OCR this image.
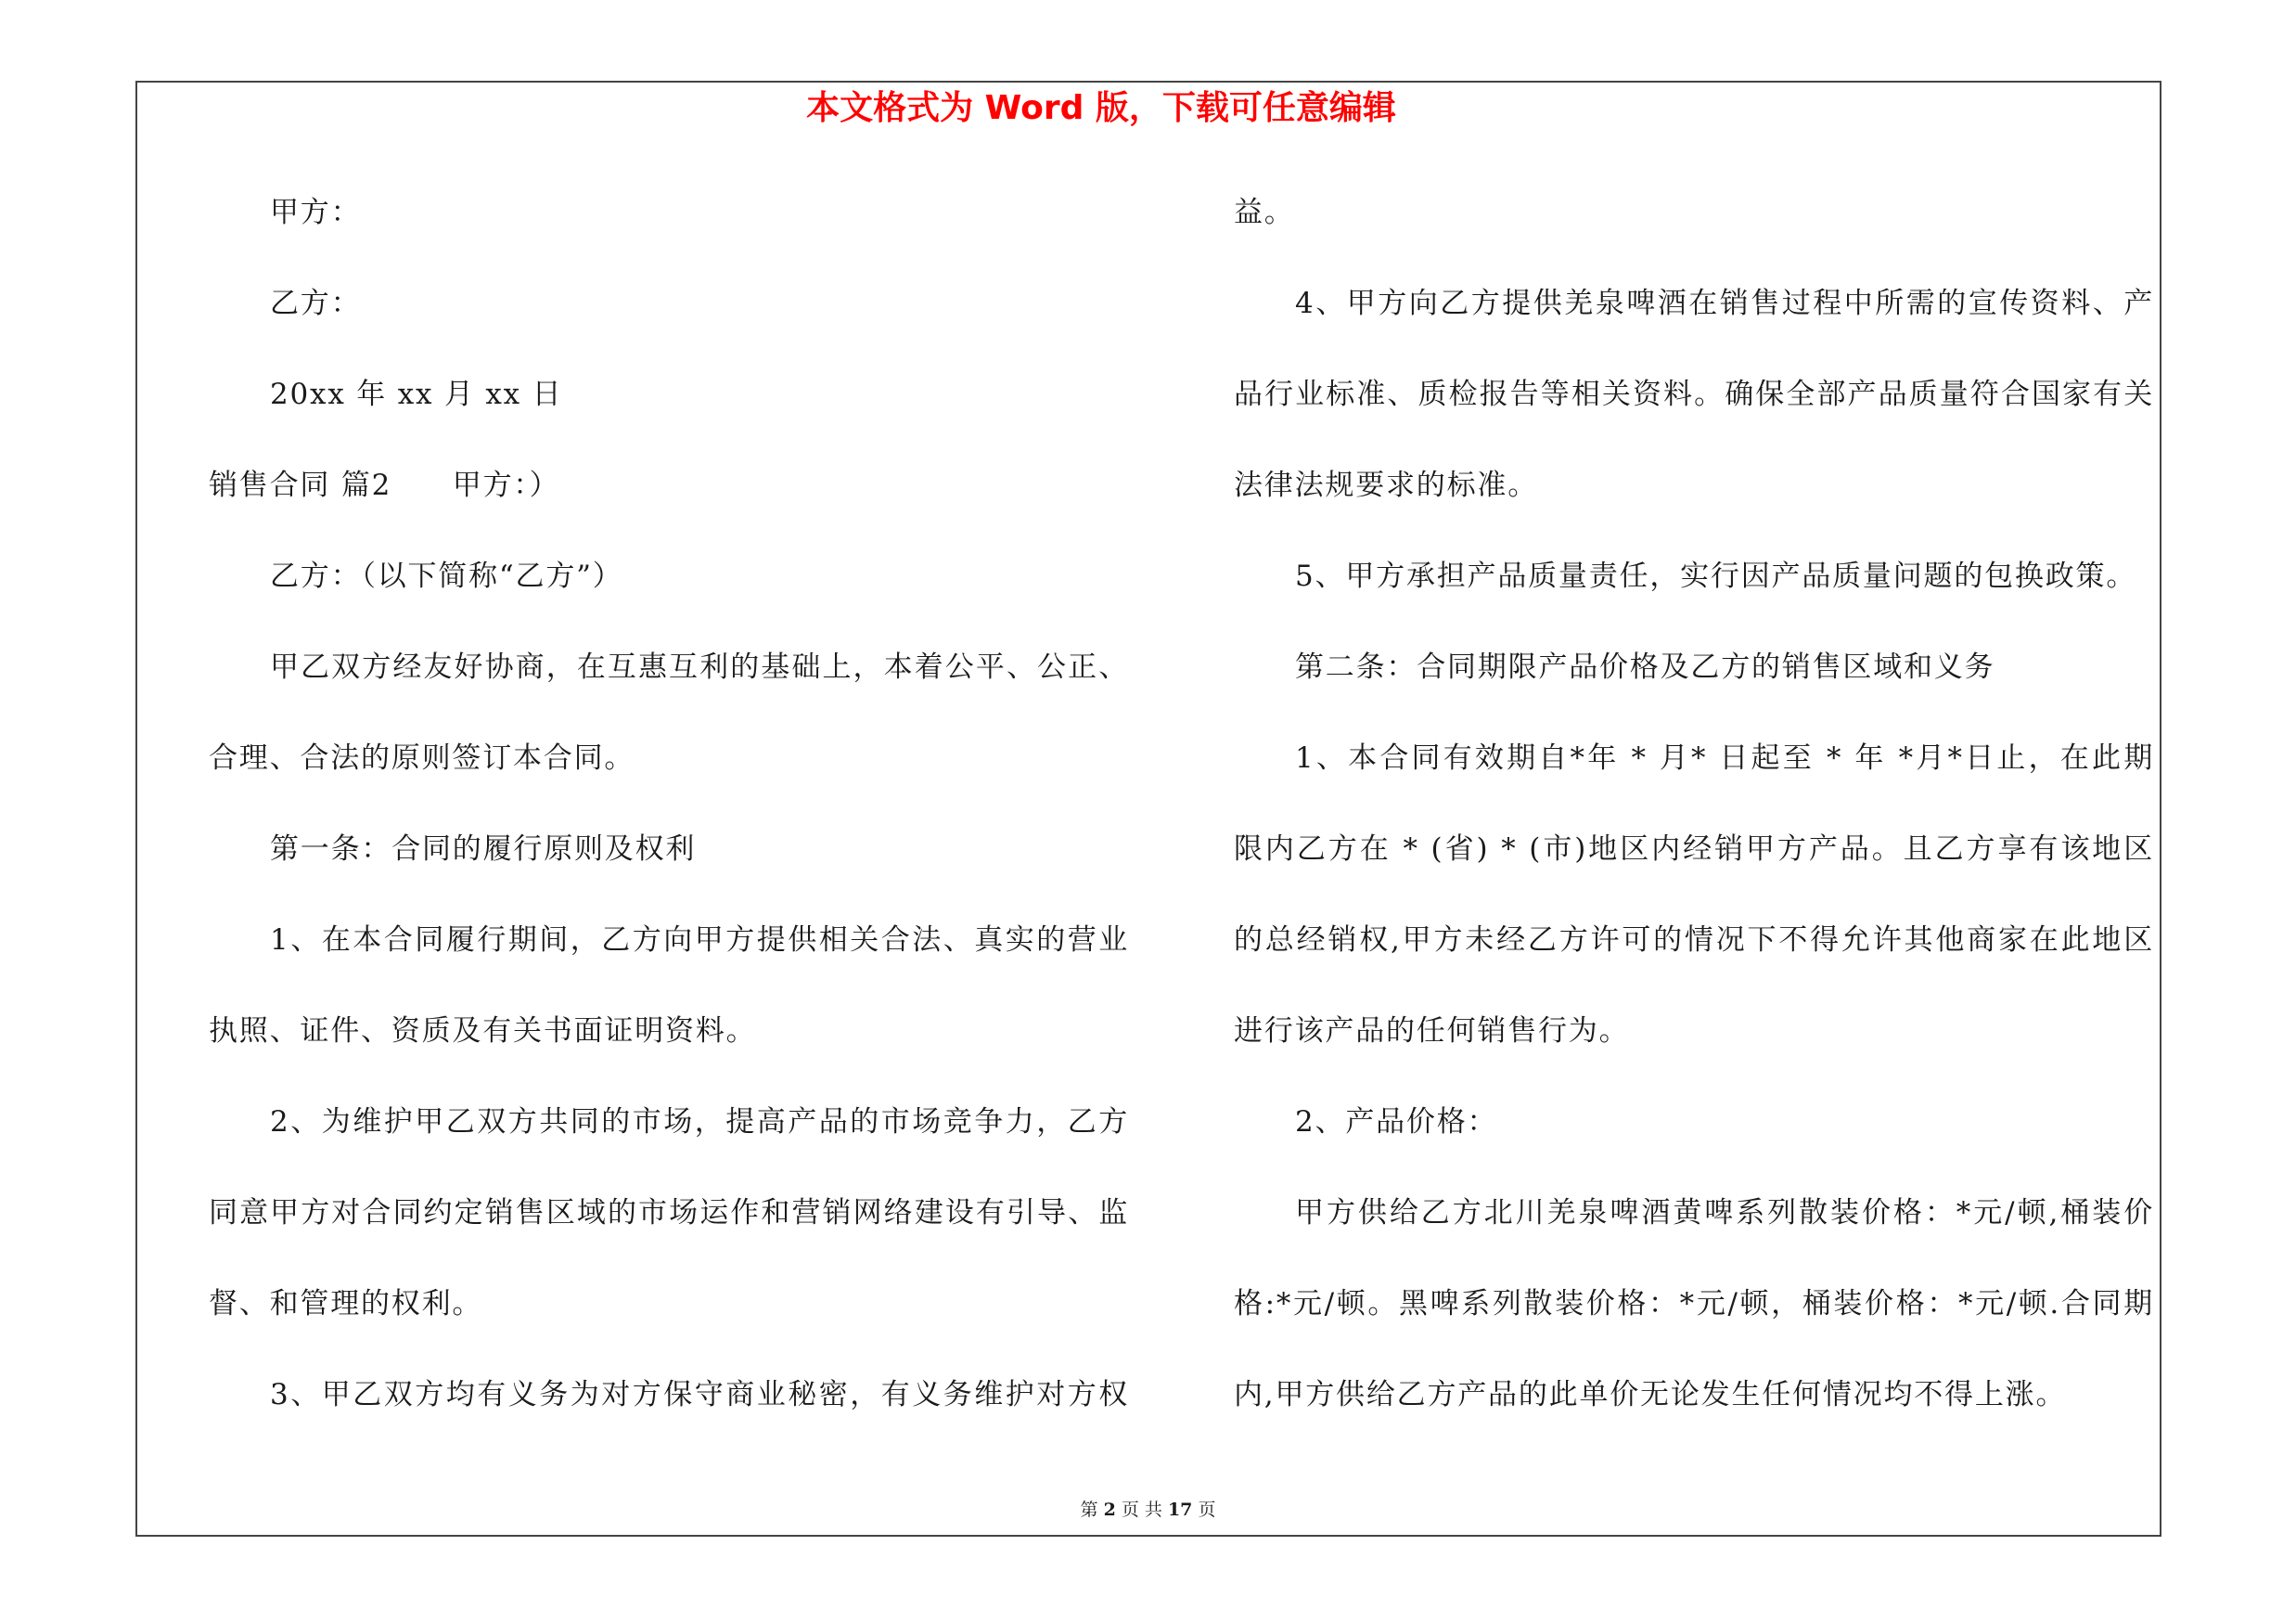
本文格式为 Word 版，下载可任意编辑
甲方：
乙方：
20xx 年 xx 月 xx 日
销售合同 篇2　　甲方：）
乙方：（以下简称“乙方”）
甲乙双方经友好协商，在互惠互利的基础上，本着公平、公正、
合理、合法的原则签订本合同。
第一条：合同的履行原则及权利
1、在本合同履行期间，乙方向甲方提供相关合法、真实的营业
执照、证件、资质及有关书面证明资料。
2、为维护甲乙双方共同的市场，提高产品的市场竞争力，乙方
同意甲方对合同约定销售区域的市场运作和营销网络建设有引导、监
督、和管理的权利。
3、甲乙双方均有义务为对方保守商业秘密，有义务维护对方权
益。
4、甲方向乙方提供羌泉啤酒在销售过程中所需的宣传资料、产
品行业标准、质检报告等相关资料。确保全部产品质量符合国家有关
法律法规要求的标准。
5、甲方承担产品质量责任，实行因产品质量问题的包换政策。
第二条：合同期限产品价格及乙方的销售区域和义务
1、本合同有效期自*年 * 月* 日起至 * 年 *月*日止，在此期
限内乙方在 * (省) * (市)地区内经销甲方产品。且乙方享有该地区
的总经销权,甲方未经乙方许可的情况下不得允许其他商家在此地区
进行该产品的任何销售行为。
2、产品价格：
甲方供给乙方北川羌泉啤酒黄啤系列散装价格：*元/顿,桶装价
格:*元/顿。黑啤系列散装价格：*元/顿，桶装价格：*元/顿.合同期
内,甲方供给乙方产品的此单价无论发生任何情况均不得上涨。
第 2 页 共 17 页
